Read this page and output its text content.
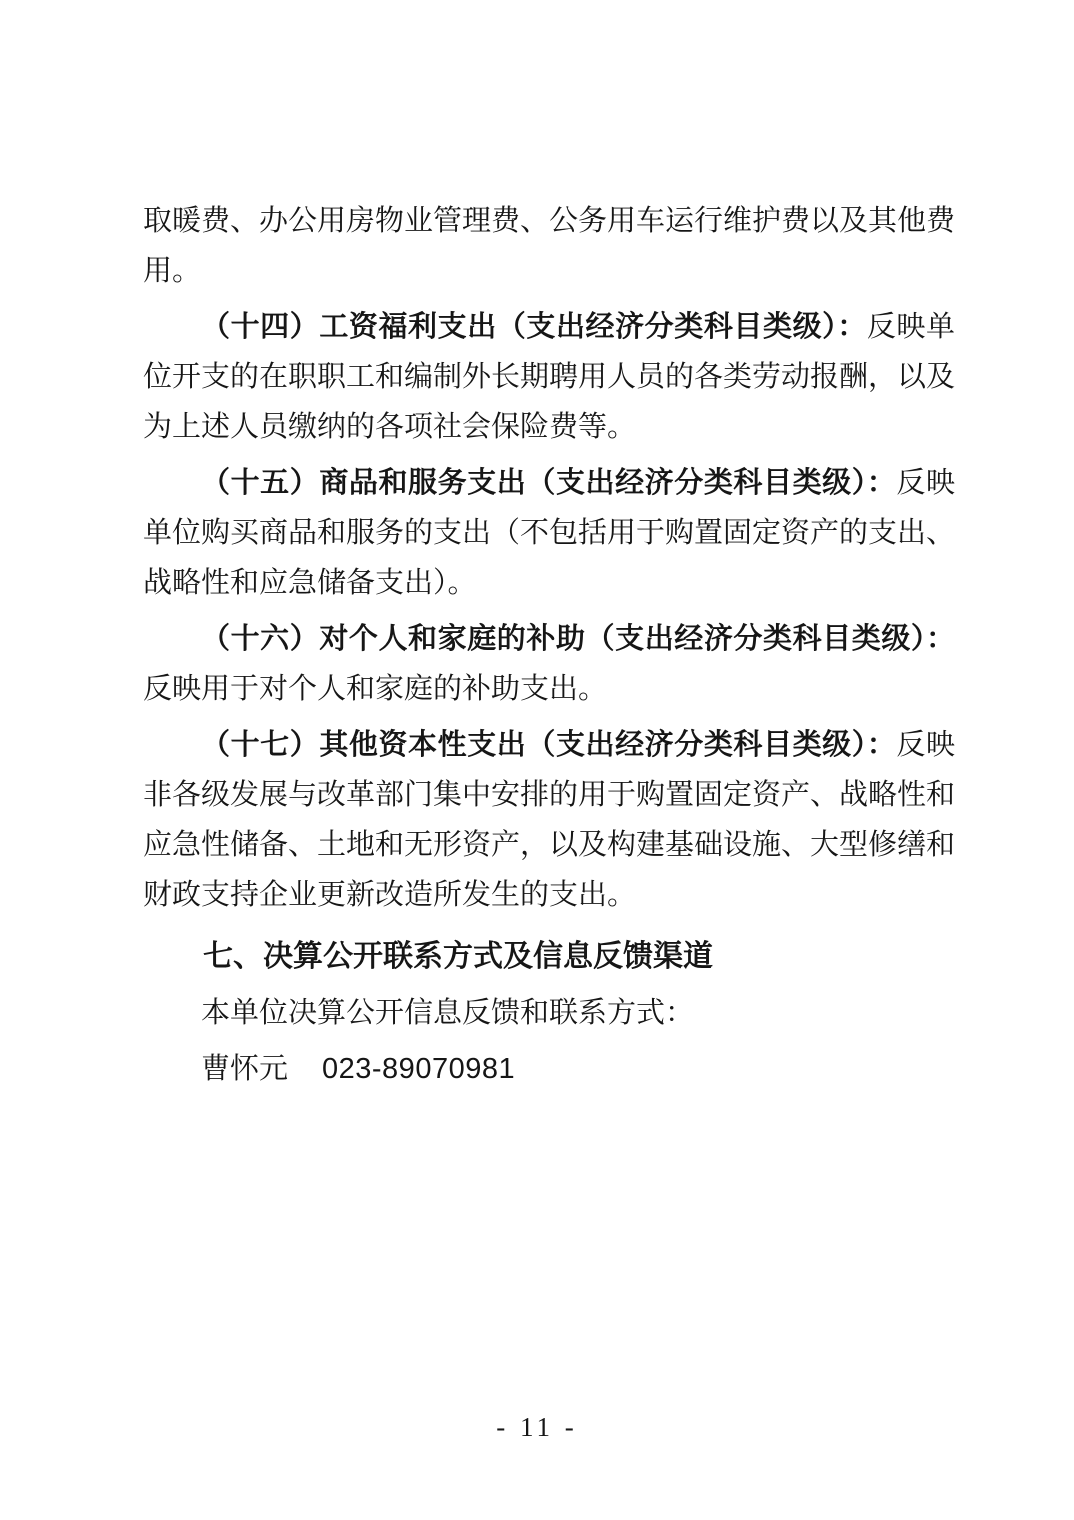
取暖费、办公用房物业管理费、公务用车运行维护费以及其他费用。

（十四）工资福利支出（支出经济分类科目类级）：反映单位开支的在职职工和编制外长期聘用人员的各类劳动报酬，以及为上述人员缴纳的各项社会保险费等。

（十五）商品和服务支出（支出经济分类科目类级）：反映单位购买商品和服务的支出（不包括用于购置固定资产的支出、战略性和应急储备支出）。

（十六）对个人和家庭的补助（支出经济分类科目类级）：反映用于对个人和家庭的补助支出。

（十七）其他资本性支出（支出经济分类科目类级）：反映非各级发展与改革部门集中安排的用于购置固定资产、战略性和应急性储备、土地和无形资产，以及构建基础设施、大型修缮和财政支持企业更新改造所发生的支出。

七、决算公开联系方式及信息反馈渠道

本单位决算公开信息反馈和联系方式：

曹怀元 023-89070981

- 11 -
